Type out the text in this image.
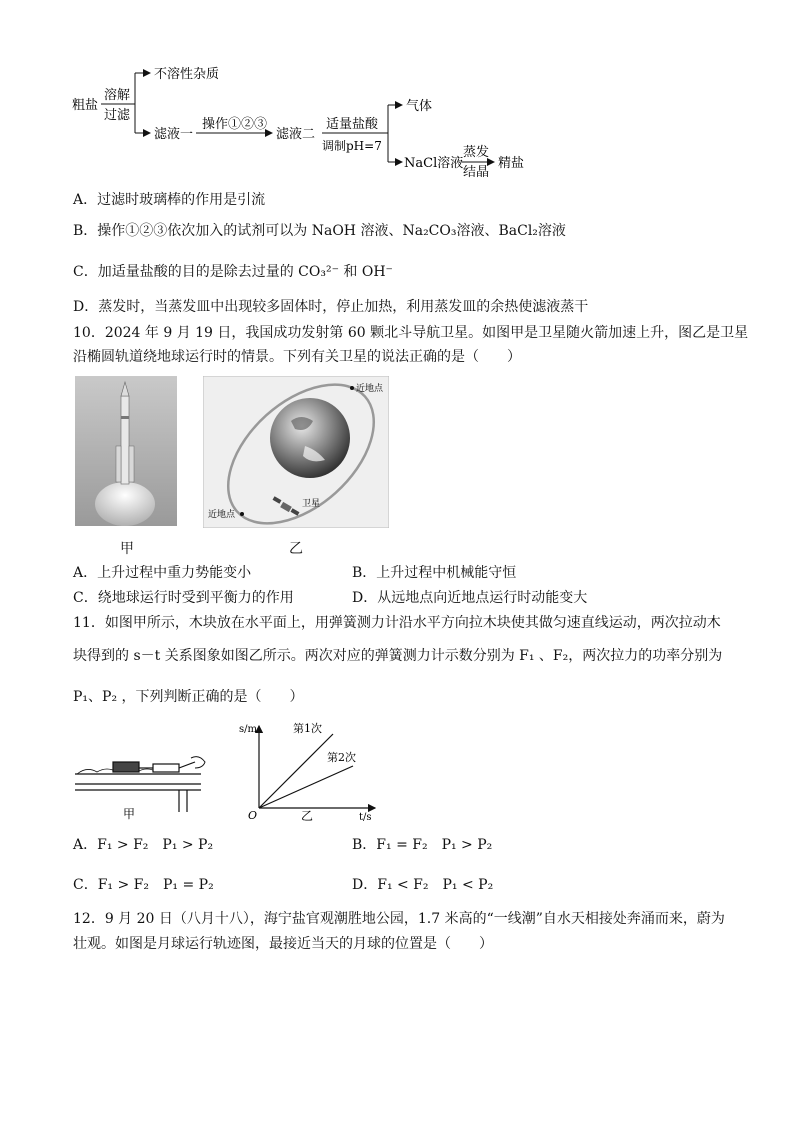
粗盐
溶解
过滤
不溶性杂质
滤液一
操作①②③
滤液二
适量盐酸
调制pH=7
气体
NaCl溶液
蒸发
结晶
精盐
A．过滤时玻璃棒的作用是引流
B．操作①②③依次加入的试剂可以为 NaOH 溶液、Na₂CO₃溶液、BaCl₂溶液
C．加适量盐酸的目的是除去过量的 CO₃²⁻ 和 OH⁻
D．蒸发时，当蒸发皿中出现较多固体时，停止加热，利用蒸发皿的余热使滤液蒸干
10．2024 年 9 月 19 日，我国成功发射第 60 颗北斗导航卫星。如图甲是卫星随火箭加速上升，图乙是卫星
沿椭圆轨道绕地球运行时的情景。下列有关卫星的说法正确的是（　　）
近地点
近地点
卫星
甲	乙
A．上升过程中重力势能变小	B．上升过程中机械能守恒
C．绕地球运行时受到平衡力的作用	D．从远地点向近地点运行时动能变大
11．如图甲所示，木块放在水平面上，用弹簧测力计沿水平方向拉木块使其做匀速直线运动，两次拉动木
块得到的 s－t 关系图象如图乙所示。两次对应的弹簧测力计示数分别为 F₁ 、F₂，两次拉力的功率分别为
P₁、P₂ ，下列判断正确的是（　　）
甲
s/m
t/s
O
第1次
第2次
乙
A．F₁ > F₂　P₁ > P₂	B．F₁ = F₂　P₁ > P₂
C．F₁ > F₂　P₁ = P₂	D．F₁ < F₂　P₁ < P₂
12．9 月 20 日（八月十八），海宁盐官观潮胜地公园，1.7 米高的“一线潮”自水天相接处奔涌而来，蔚为
壮观。如图是月球运行轨迹图，最接近当天的月球的位置是（　　）
